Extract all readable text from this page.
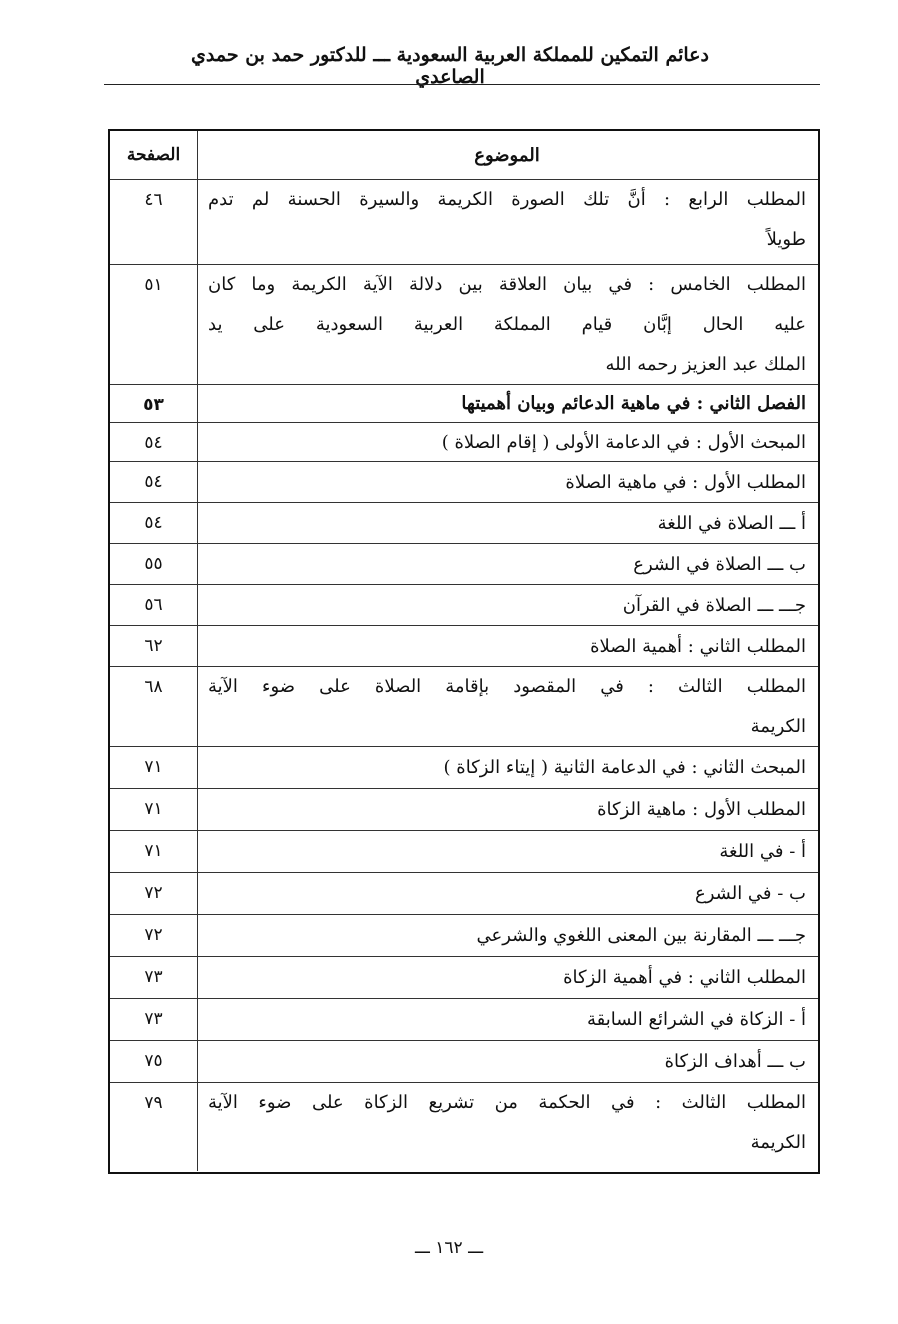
دعائم التمكين للمملكة العربية السعودية ـــ للدكتور حمد بن حمدي الصاعدي
الصفحة	الموضوع
٤٦	المطلب الرابع : أنَّ تلك الصورة الكريمة والسيرة الحسنة لم تدم
طويلاً
٥١	المطلب الخامس : في بيان العلاقة بين دلالة الآية الكريمة وما كان
عليه الحال إبَّان قيام المملكة العربية السعودية على يد
الملك عبد العزيز رحمه الله
٥٣	الفصل الثاني : في ماهية الدعائم وبيان أهميتها
٥٤	المبحث الأول : في الدعامة الأولى ( إقام الصلاة )
٥٤	المطلب الأول : في ماهية الصلاة
٥٤	أ ـــ الصلاة في اللغة
٥٥	ب ـــ الصلاة في الشرع
٥٦	جـــ ـــ الصلاة في القرآن
٦٢	المطلب الثاني : أهمية الصلاة
٦٨	المطلب الثالث : في المقصود بإقامة الصلاة على ضوء الآية
الكريمة
٧١	المبحث الثاني : في الدعامة الثانية ( إيتاء الزكاة )
٧١	المطلب الأول : ماهية الزكاة
٧١	أ - في اللغة
٧٢	ب - في الشرع
٧٢	جـــ ـــ المقارنة بين المعنى اللغوي والشرعي
٧٣	المطلب الثاني : في أهمية الزكاة
٧٣	أ - الزكاة في الشرائع السابقة
٧٥	ب ـــ أهداف الزكاة
٧٩	المطلب الثالث : في الحكمة من تشريع الزكاة على ضوء الآية
الكريمة
ـــ ١٦٢ ـــ
